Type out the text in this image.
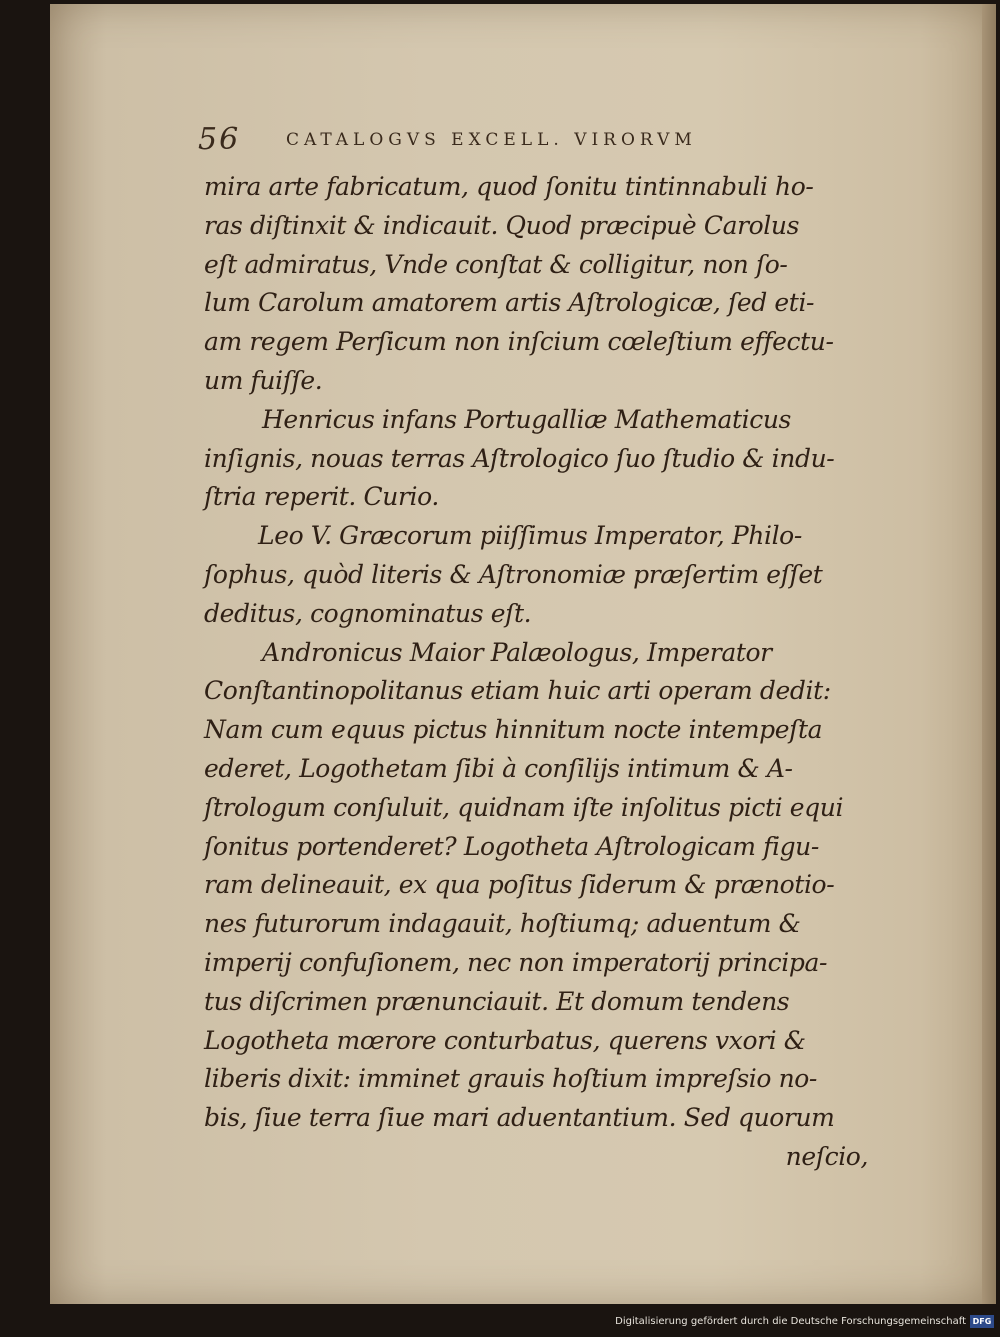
56	CATALOGVS EXCELL. VIRORVM
mira arte fabricatum, quod ſonitu tintinnabuli ho-
ras diſtinxit & indicauit. Quod præcipuè Carolus
eſt admiratus, Vnde conſtat & colligitur, non ſo-
lum Carolum amatorem artis Aſtrologicæ, ſed eti-
am regem Perſicum non inſcium cœleſtium effectu-
um fuiſſe.
Henricus infans Portugalliæ Mathematicus
inſignis, nouas terras Aſtrologico ſuo ſtudio & indu-
ſtria reperit. Curio.
Leo V. Græcorum piiſſimus Imperator, Philo-
ſophus, quòd literis & Aſtronomiæ præſertim eſſet
deditus, cognominatus eſt.
Andronicus Maior Palæologus, Imperator
Conſtantinopolitanus etiam huic arti operam dedit:
Nam cum equus pictus hinnitum nocte intempeſta
ederet, Logothetam ſibi à conſilijs intimum & A-
ſtrologum conſuluit, quidnam iſte inſolitus picti equi
ſonitus portenderet? Logotheta Aſtrologicam figu-
ram delineauit, ex qua poſitus ſiderum & prænotio-
nes futurorum indagauit, hoſtiumq; aduentum &
imperij confuſionem, nec non imperatorij principa-
tus diſcrimen prænunciauit. Et domum tendens
Logotheta mœrore conturbatus, querens vxori &
liberis dixit: imminet grauis hoſtium impreſsio no-
bis, ſiue terra ſiue mari aduentantium. Sed quorum
neſcio,
Digitalisierung gefördert durch die Deutsche Forschungsgemeinschaft DFG
